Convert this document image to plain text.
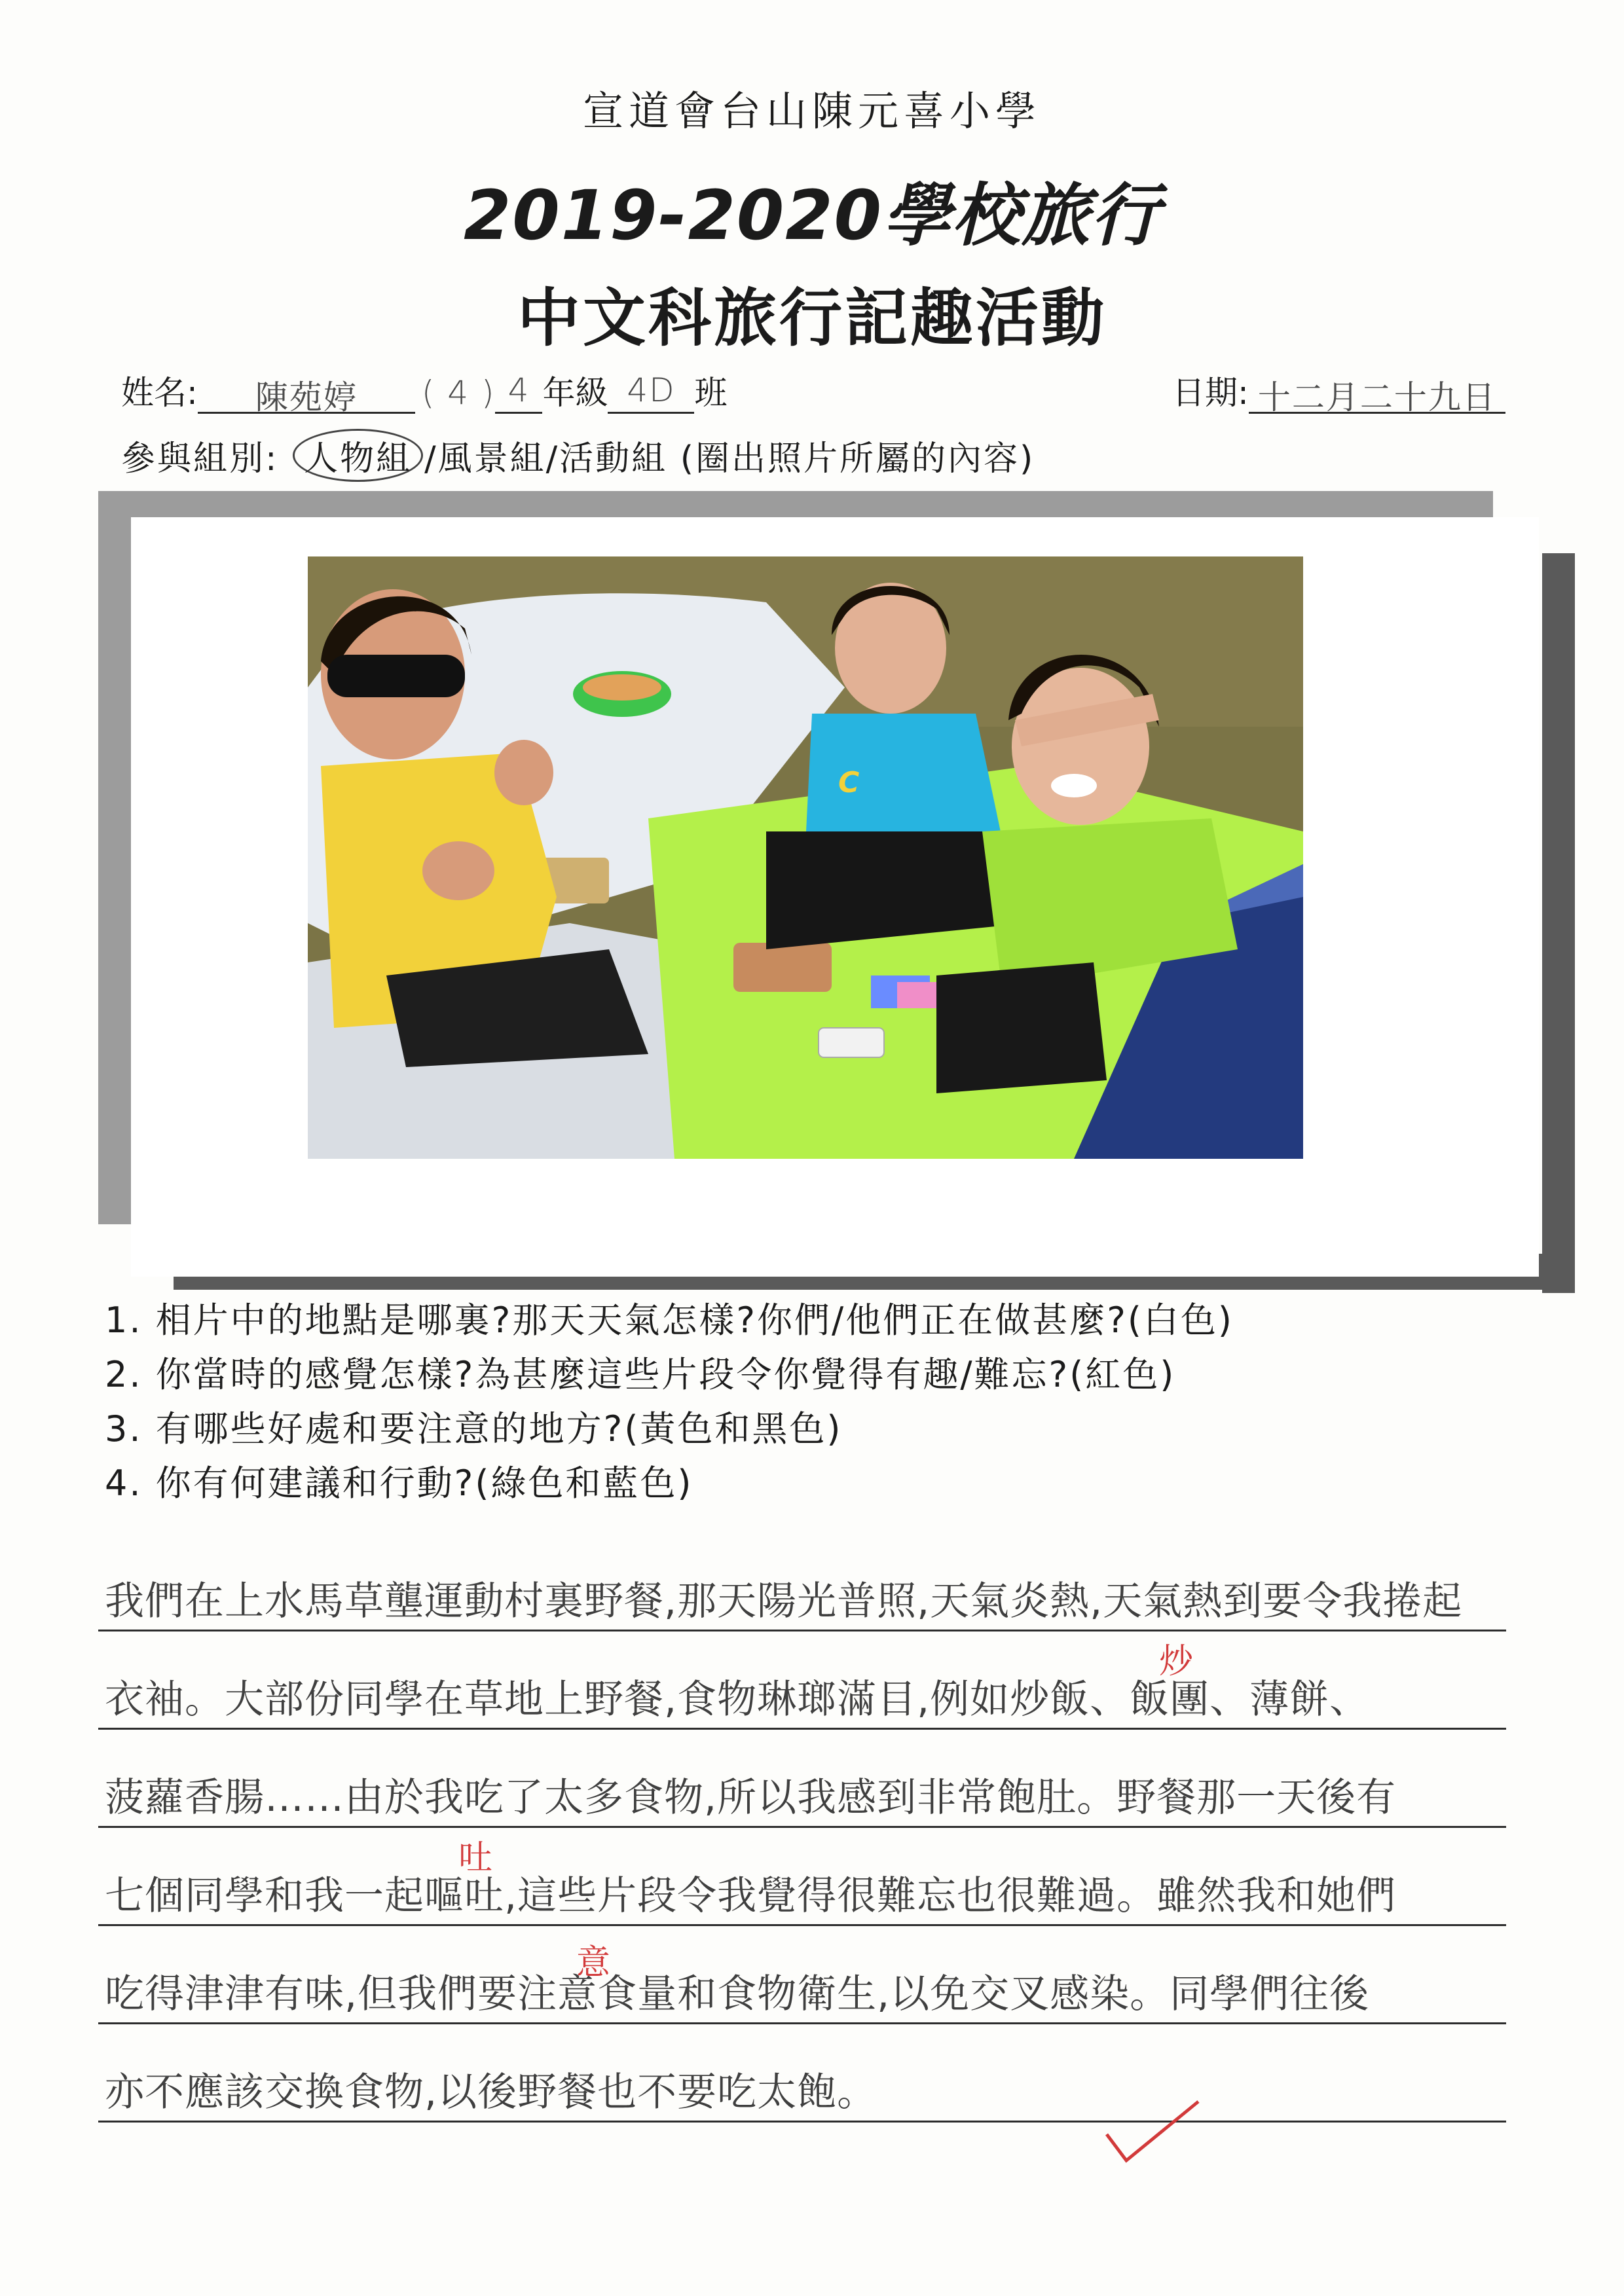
宣道會台山陳元喜小學
2019-2020學校旅行
中文科旅行記趣活動
姓名: 陳苑婷 ( 4 ) 4 年級 4D 班	日期: 十二月二十九日
參與組別: 人物組 /風景組/活動組 (圈出照片所屬的內容)
C
1. 相片中的地點是哪裏?那天天氣怎樣?你們/他們正在做甚麼?(白色)
2. 你當時的感覺怎樣?為甚麼這些片段令你覺得有趣/難忘?(紅色)
3. 有哪些好處和要注意的地方?(黃色和黑色)
4. 你有何建議和行動?(綠色和藍色)
我們在上水馬草壟運動村裏野餐,那天陽光普照,天氣炎熱,天氣熱到要令我捲起
衣袖。大部份同學在草地上野餐,食物琳瑯滿目,例如炒飯、飯團、薄餅、
菠蘿香腸……由於我吃了太多食物,所以我感到非常飽肚。野餐那一天後有
七個同學和我一起嘔吐,這些片段令我覺得很難忘也很難過。雖然我和她們
吃得津津有味,但我們要注意食量和食物衛生,以免交叉感染。同學們往後
亦不應該交換食物,以後野餐也不要吃太飽。
炒
吐
意
